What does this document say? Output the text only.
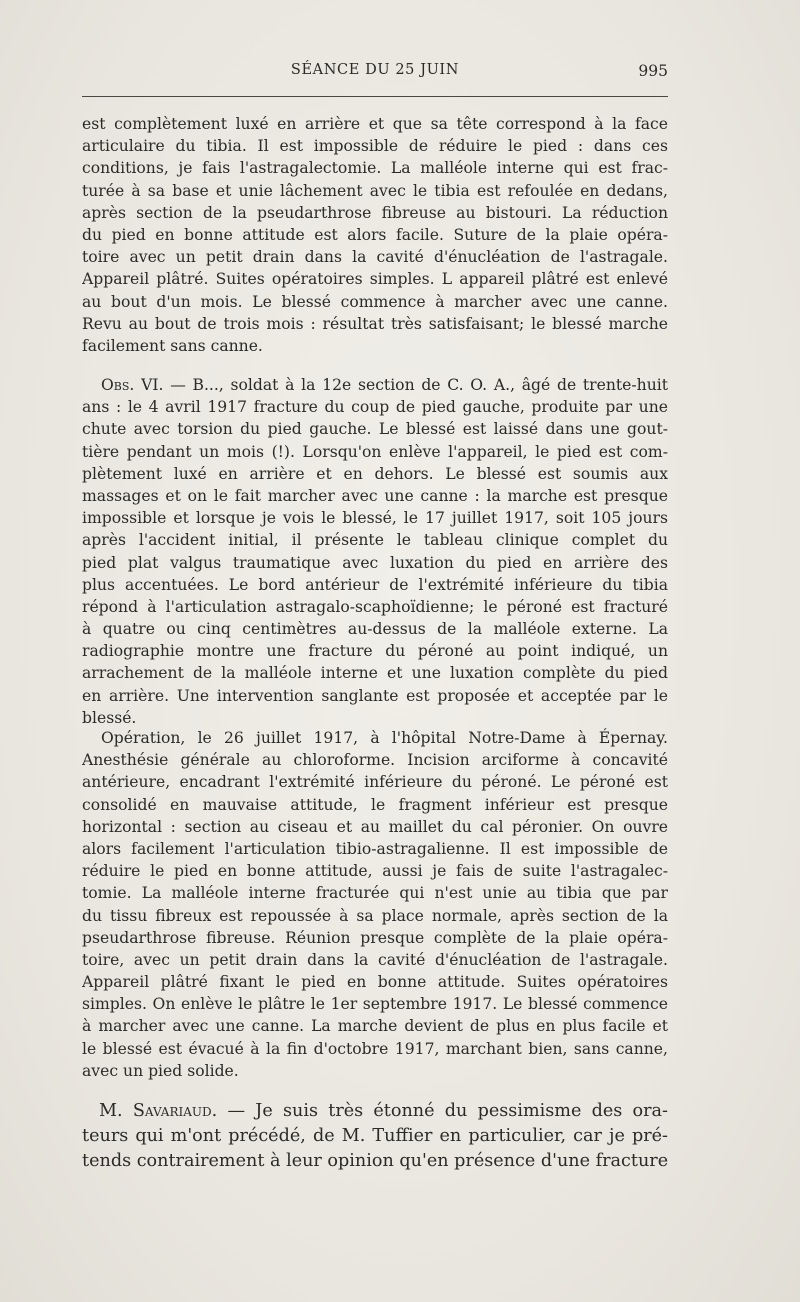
SÉANCE DU 25 JUIN	995
est complètement luxé en arrière et que sa tête correspond à la face
articulaire du tibia. Il est impossible de réduire le pied : dans ces
conditions, je fais l'astragalectomie. La malléole interne qui est frac-
turée à sa base et unie lâchement avec le tibia est refoulée en dedans,
après section de la pseudarthrose fibreuse au bistouri. La réduction
du pied en bonne attitude est alors facile. Suture de la plaie opéra-
toire avec un petit drain dans la cavité d'énucléation de l'astragale.
Appareil plâtré. Suites opératoires simples. L appareil plâtré est enlevé
au bout d'un mois. Le blessé commence à marcher avec une canne.
Revu au bout de trois mois : résultat très satisfaisant; le blessé marche
facilement sans canne.
Obs. VI. — B..., soldat à la 12e section de C. O. A., âgé de trente-huit
ans : le 4 avril 1917 fracture du coup de pied gauche, produite par une
chute avec torsion du pied gauche. Le blessé est laissé dans une gout-
tière pendant un mois (!). Lorsqu'on enlève l'appareil, le pied est com-
plètement luxé en arrière et en dehors. Le blessé est soumis aux
massages et on le fait marcher avec une canne : la marche est presque
impossible et lorsque je vois le blessé, le 17 juillet 1917, soit 105 jours
après l'accident initial, il présente le tableau clinique complet du
pied plat valgus traumatique avec luxation du pied en arrière des
plus accentuées. Le bord antérieur de l'extrémité inférieure du tibia
répond à l'articulation astragalo-scaphoïdienne; le péroné est fracturé
à quatre ou cinq centimètres au-dessus de la malléole externe. La
radiographie montre une fracture du péroné au point indiqué, un
arrachement de la malléole interne et une luxation complète du pied
en arrière. Une intervention sanglante est proposée et acceptée par le
blessé.
Opération, le 26 juillet 1917, à l'hôpital Notre-Dame à Épernay.
Anesthésie générale au chloroforme. Incision arciforme à concavité
antérieure, encadrant l'extrémité inférieure du péroné. Le péroné est
consolidé en mauvaise attitude, le fragment inférieur est presque
horizontal : section au ciseau et au maillet du cal péronier. On ouvre
alors facilement l'articulation tibio-astragalienne. Il est impossible de
réduire le pied en bonne attitude, aussi je fais de suite l'astragalec-
tomie. La malléole interne fracturée qui n'est unie au tibia que par
du tissu fibreux est repoussée à sa place normale, après section de la
pseudarthrose fibreuse. Réunion presque complète de la plaie opéra-
toire, avec un petit drain dans la cavité d'énucléation de l'astragale.
Appareil plâtré fixant le pied en bonne attitude. Suites opératoires
simples. On enlève le plâtre le 1er septembre 1917. Le blessé commence
à marcher avec une canne. La marche devient de plus en plus facile et
le blessé est évacué à la fin d'octobre 1917, marchant bien, sans canne,
avec un pied solide.
M. Savariaud. — Je suis très étonné du pessimisme des ora-
teurs qui m'ont précédé, de M. Tuffier en particulier, car je pré-
tends contrairement à leur opinion qu'en présence d'une fracture
